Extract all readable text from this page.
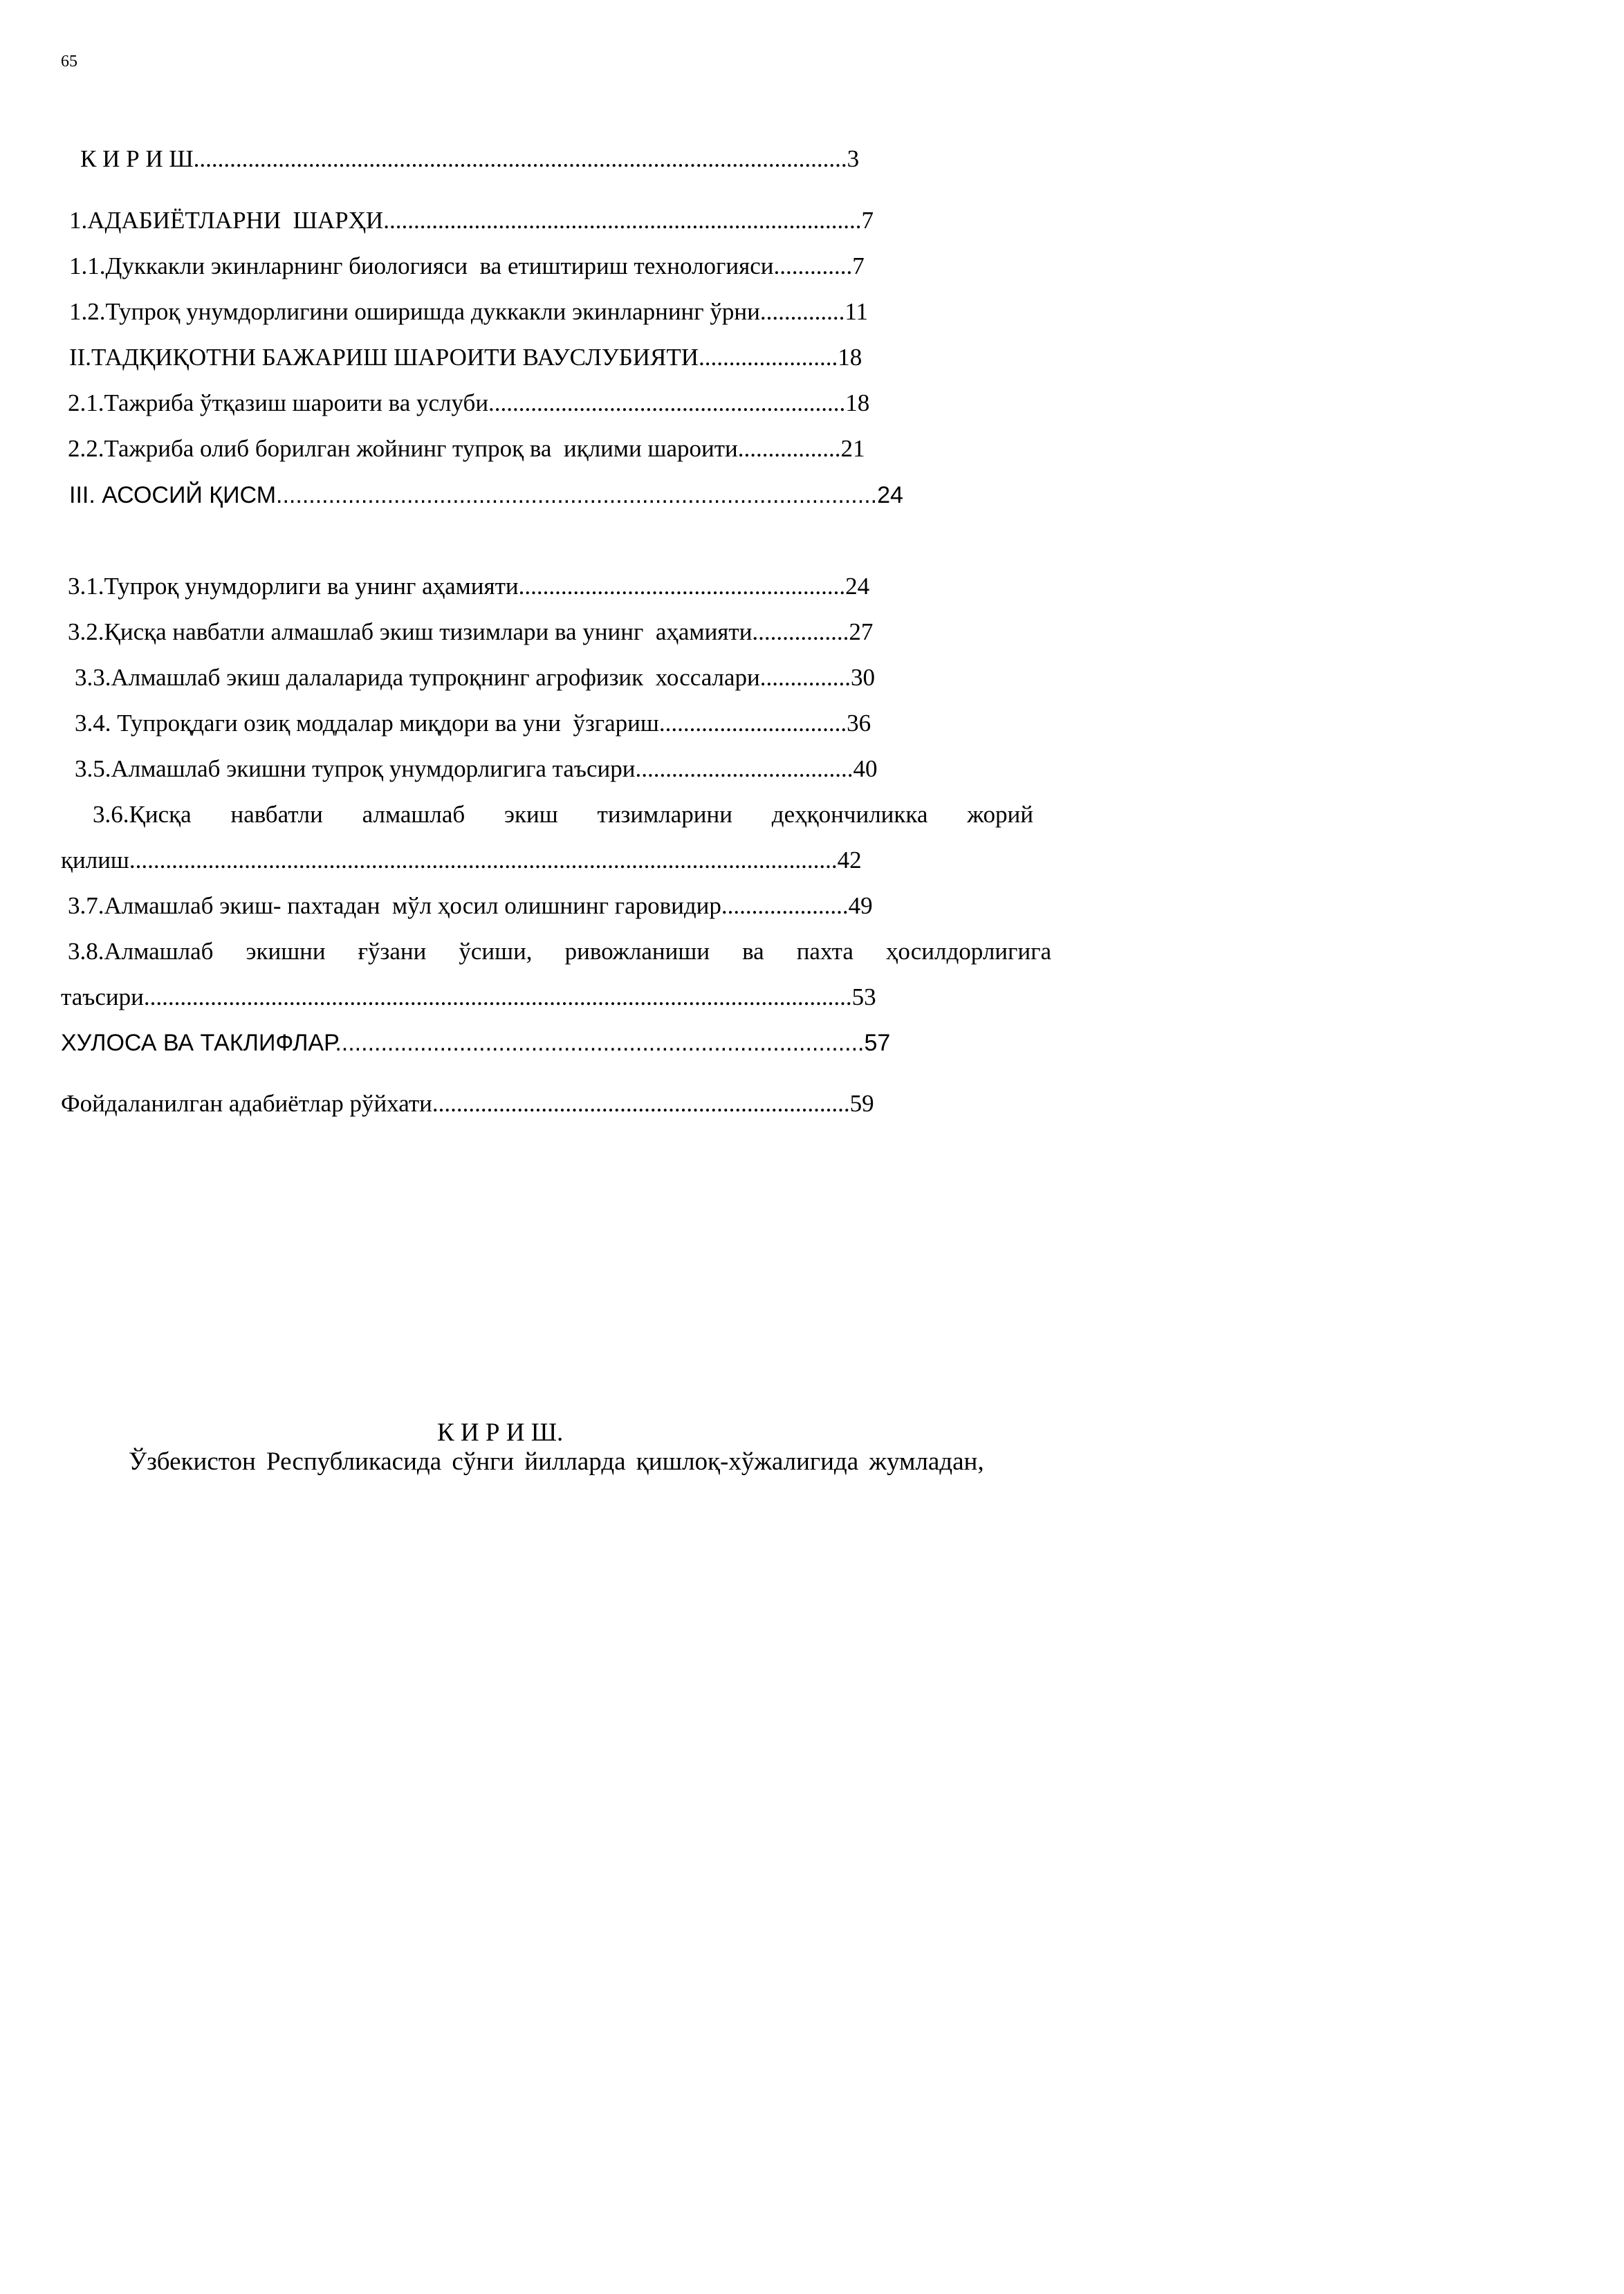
65
К И Р И Ш............................................................................................................3
1.АДАБИЁТЛАРНИ  ШАРҲИ...............................................................................7
1.1.Дуккакли экинларнинг биологияси  ва етиштириш технологияси.............7
1.2.Тупроқ унумдорлигини оширишда дуккакли экинларнинг ўрни..............11
II.ТАДҚИҚОТНИ БАЖАРИШ ШАРОИТИ ВАУСЛУБИЯТИ.......................18
2.1.Тажриба ўтқазиш шароити ва услуби...........................................................18
2.2.Тажриба олиб борилган жойнинг тупроқ ва  иқлими шароити.................21
III. АСОСИЙ ҚИСМ............................................................................................24
3.1.Тупроқ унумдорлиги ва унинг аҳамияти......................................................24
3.2.Қисқа навбатли алмашлаб экиш тизимлари ва унинг  аҳамияти................27
3.3.Алмашлаб экиш далаларида тупроқнинг агрофизик  хоссалари...............30
3.4. Тупроқдаги озиқ моддалар миқдори ва уни  ўзгариш...............................36
3.5.Алмашлаб экишни тупроқ унумдорлигига таъсири....................................40
3.6.Қисқа навбатли алмашлаб экиш тизимларини деҳқончиликка жорий
қилиш.....................................................................................................................42
3.7.Алмашлаб экиш- пахтадан  мўл ҳосил олишнинг гаровидир.....................49
3.8.Алмашлаб экишни ғўзани ўсиши, ривожланиши ва пахта ҳосилдорлигига
таъсири.....................................................................................................................53
ХУЛОСА ВА ТАКЛИФЛАР.................................................................................57
Фойдаланилган адабиётлар рўйхати.....................................................................59
К И Р И Ш.
Ўзбекистон Республикасида сўнги йилларда қишлоқ-хўжалигида жумладан,
